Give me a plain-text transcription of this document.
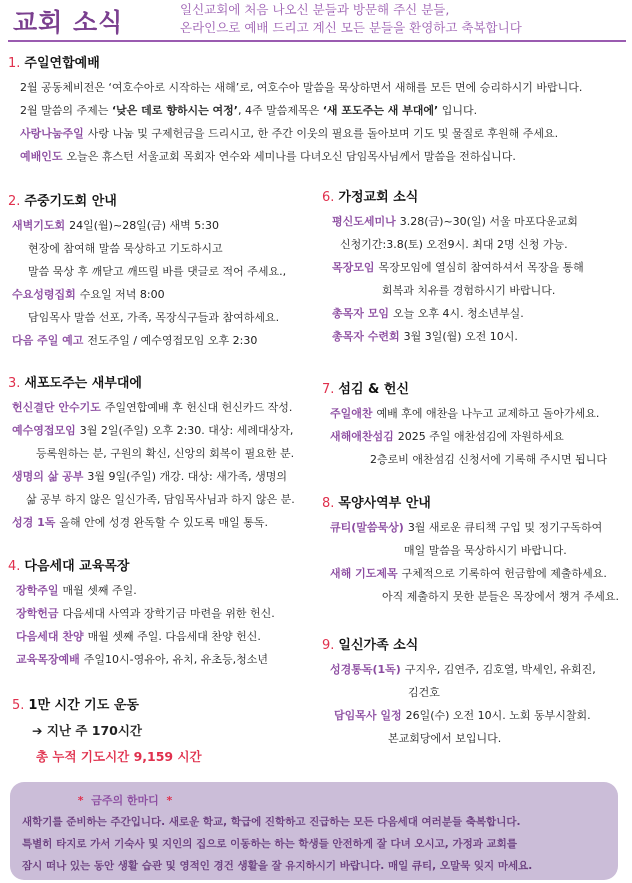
교회 소식	일신교회에 처음 나오신 분들과 방문해 주신 분들,
온라인으로 예배 드리고 계신 모든 분들을 환영하고 축복합니다
1. 주일연합예배
2월 공동체비전은 ‘여호수아로 시작하는 새해’로, 여호수아 말씀을 묵상하면서 새해를 모든 면에 승리하시기 바랍니다.
2월 말씀의 주제는 ‘낮은 데로 향하시는 여정’, 4주 말씀제목은 ‘새 포도주는 새 부대에’ 입니다.
사랑나눔주일 사랑 나눔 및 구제헌금을 드리시고, 한 주간 이웃의 필요를 돌아보며 기도 및 물질로 후원해 주세요.
예배인도 오늘은 휴스턴 서울교회 목회자 연수와 세미나를 다녀오신 담임목사님께서 말씀을 전하십니다.
2. 주중기도회 안내
새벽기도회 24일(월)~28일(금) 새벽 5:30
현장에 참여해 말씀 묵상하고 기도하시고
말씀 묵상 후 깨닫고 깨뜨릴 바를 댓글로 적어 주세요.,
수요성령집회 수요일 저녁 8:00
담임목사 말씀 선포, 가족, 목장식구들과 참여하세요.
다음 주일 예고 전도주일 / 예수영접모임 오후 2:30
3. 새포도주는 새부대에
헌신결단 안수기도 주일연합예배 후 헌신대 헌신카드 작성.
예수영접모임 3월 2일(주일) 오후 2:30. 대상: 세례대상자,
등록원하는 분, 구원의 확신, 신앙의 회복이 필요한 분.
생명의 삶 공부 3월 9일(주일) 개강. 대상: 새가족, 생명의
삶 공부 하지 않은 일신가족, 담임목사님과 하지 않은 분.
성경 1독 올해 안에 성경 완독할 수 있도록 매일 통독.
4. 다음세대 교육목장
장학주일 매월 셋째 주일.
장학헌금 다음세대 사역과 장학기금 마련을 위한 헌신.
다음세대 찬양 매월 셋째 주일. 다음세대 찬양 헌신.
교육목장예배 주일10시-영유아, 유치, 유초등,청소년
5. 1만 시간 기도 운동
➔ 지난 주 170시간
총 누적 기도시간 9,159 시간
6. 가정교회 소식
평신도세미나 3.28(금)~30(일) 서울 마포다운교회
신청기간:3.8(토) 오전9시. 최대 2명 신청 가능.
목장모임 목장모임에 열심히 참여하셔서 목장을 통해
회복과 치유를 경험하시기 바랍니다.
총목자 모임 오늘 오후 4시. 청소년부실.
총목자 수련회 3월 3일(월) 오전 10시.
7. 섬김 & 헌신
주일애찬 예배 후에 애찬을 나누고 교제하고 돌아가세요.
새해애찬섬김 2025 주일 애찬섬김에 자원하세요
2층로비 애찬섬김 신청서에 기록해 주시면 됩니다
8. 목양사역부 안내
큐티(말씀묵상) 3월 새로운 큐티책 구입 및 정기구독하여
매일 말씀을 묵상하시기 바랍니다.
새해 기도제목 구체적으로 기록하여 헌금함에 제출하세요.
아직 제출하지 못한 분들은 목장에서 챙겨 주세요.
9. 일신가족 소식
성경통독(1독) 구지우, 김연주, 김호열, 박세인, 유회진,
김건호
담임목사 일정 26일(수) 오전 10시. 노회 동부시찰회.
본교회당에서 보입니다.
* 금주의 한마디 *
새학기를 준비하는 주간입니다. 새로운 학교, 학급에 진학하고 진급하는 모든 다음세대 여러분들 축복합니다.
특별히 타지로 가서 기숙사 및 지인의 집으로 이동하는 하는 학생들 안전하게 잘 다녀 오시고, 가정과 교회를
잠시 떠나 있는 동안 생활 습관 및 영적인 경건 생활을 잘 유지하시기 바랍니다. 매일 큐티, 오말묵 잊지 마세요.
